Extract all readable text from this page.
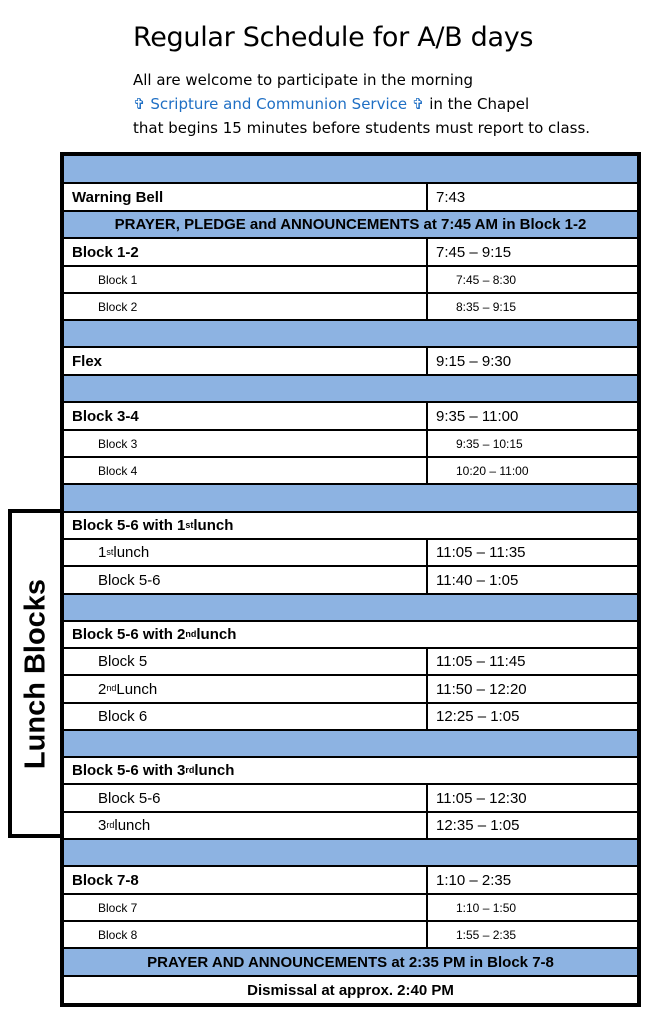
Regular Schedule for A/B days
All are welcome to participate in the morning
✞ Scripture and Communion Service ✞ in the Chapel
that begins 15 minutes before students must report to class.
Lunch Blocks
Warning Bell	7:43
PRAYER, PLEDGE and ANNOUNCEMENTS at 7:45 AM in Block 1-2
Block 1-2	7:45 – 9:15
Block 1	7:45 – 8:30
Block 2	8:35 – 9:15
Flex	9:15 – 9:30
Block 3-4	9:35 – 11:00
Block 3	9:35 – 10:15
Block 4	10:20 – 11:00
Block 5-6 with 1st lunch
1st lunch	11:05 – 11:35
Block 5-6	11:40 – 1:05
Block 5-6 with 2nd lunch
Block 5	11:05 – 11:45
2nd Lunch	11:50 – 12:20
Block 6	12:25 – 1:05
Block 5-6 with 3rd lunch
Block 5-6	11:05 – 12:30
3rd lunch	12:35 – 1:05
Block 7-8	1:10 – 2:35
Block 7	1:10 – 1:50
Block 8	1:55 – 2:35
PRAYER AND ANNOUNCEMENTS at 2:35 PM in Block 7-8
Dismissal at approx. 2:40 PM
